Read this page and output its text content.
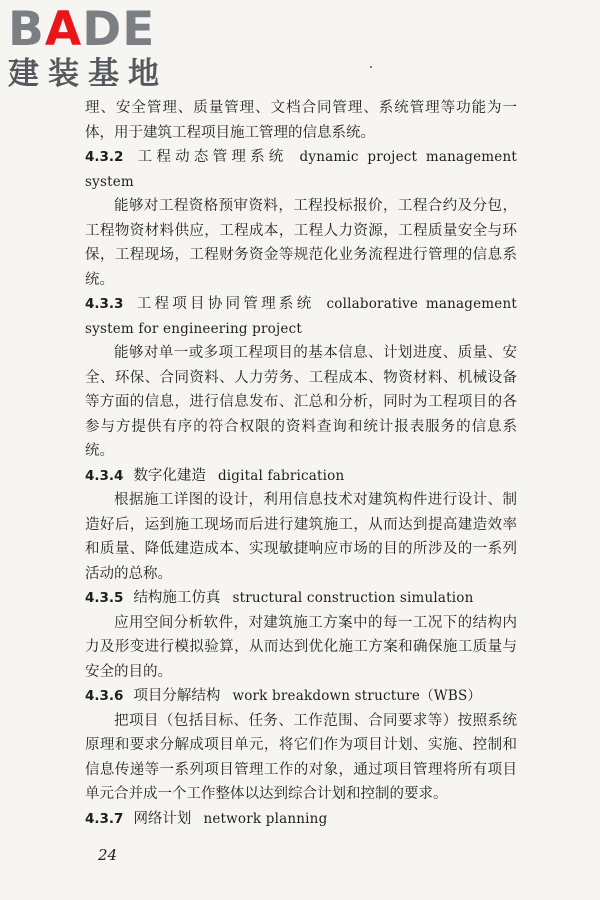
BADE
建装基地

理、安全管理、质量管理、文档合同管理、系统管理等功能为一体，用于建筑工程项目施工管理的信息系统。

4.3.2 工程动态管理系统 dynamic project management system

能够对工程资格预审资料，工程投标报价，工程合约及分包，工程物资材料供应，工程成本，工程人力资源，工程质量安全与环保，工程现场，工程财务资金等规范化业务流程进行管理的信息系统。

4.3.3 工程项目协同管理系统 collaborative management system for engineering project

能够对单一或多项工程项目的基本信息、计划进度、质量、安全、环保、合同资料、人力劳务、工程成本、物资材料、机械设备等方面的信息，进行信息发布、汇总和分析，同时为工程项目的各参与方提供有序的符合权限的资料查询和统计报表服务的信息系统。

4.3.4 数字化建造 digital fabrication

根据施工详图的设计，利用信息技术对建筑构件进行设计、制造好后，运到施工现场而后进行建筑施工，从而达到提高建造效率和质量、降低建造成本、实现敏捷响应市场的目的所涉及的一系列活动的总称。

4.3.5 结构施工仿真 structural construction simulation

应用空间分析软件，对建筑施工方案中的每一工况下的结构内力及形变进行模拟验算，从而达到优化施工方案和确保施工质量与安全的目的。

4.3.6 项目分解结构 work breakdown structure（WBS）

把项目（包括目标、任务、工作范围、合同要求等）按照系统原理和要求分解成项目单元，将它们作为项目计划、实施、控制和信息传递等一系列项目管理工作的对象，通过项目管理将所有项目单元合并成一个工作整体以达到综合计划和控制的要求。

4.3.7 网络计划 network planning

24
